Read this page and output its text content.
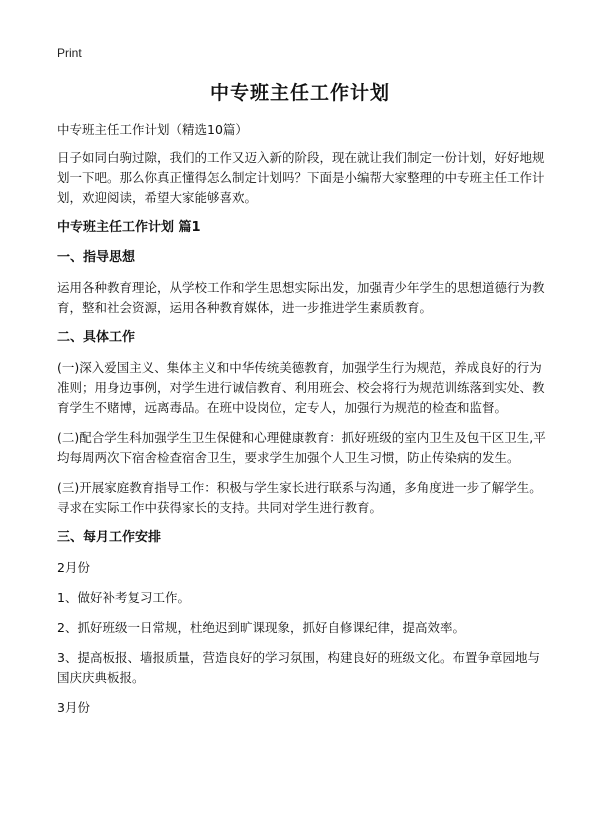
Print
中专班主任工作计划

中专班主任工作计划（精选10篇）

日子如同白驹过隙，我们的工作又迈入新的阶段，现在就让我们制定一份计划，好好地规划一下吧。那么你真正懂得怎么制定计划吗？下面是小编帮大家整理的中专班主任工作计划，欢迎阅读，希望大家能够喜欢。

中专班主任工作计划 篇1
一、指导思想

运用各种教育理论，从学校工作和学生思想实际出发，加强青少年学生的思想道德行为教育，整和社会资源，运用各种教育媒体，进一步推进学生素质教育。

二、具体工作

(一)深入爱国主义、集体主义和中华传统美德教育，加强学生行为规范，养成良好的行为准则；用身边事例，对学生进行诚信教育、利用班会、校会将行为规范训练落到实处、教育学生不赌博，远离毒品。在班中设岗位，定专人，加强行为规范的检查和监督。

(二)配合学生科加强学生卫生保健和心理健康教育：抓好班级的室内卫生及包干区卫生,平均每周两次下宿舍检查宿舍卫生，要求学生加强个人卫生习惯，防止传染病的发生。

(三)开展家庭教育指导工作：积极与学生家长进行联系与沟通，多角度进一步了解学生。寻求在实际工作中获得家长的支持。共同对学生进行教育。

三、每月工作安排

2月份

1、做好补考复习工作。

2、抓好班级一日常规，杜绝迟到旷课现象，抓好自修课纪律，提高效率。

3、提高板报、墙报质量，营造良好的学习氛围，构建良好的班级文化。布置争章园地与国庆庆典板报。

3月份
